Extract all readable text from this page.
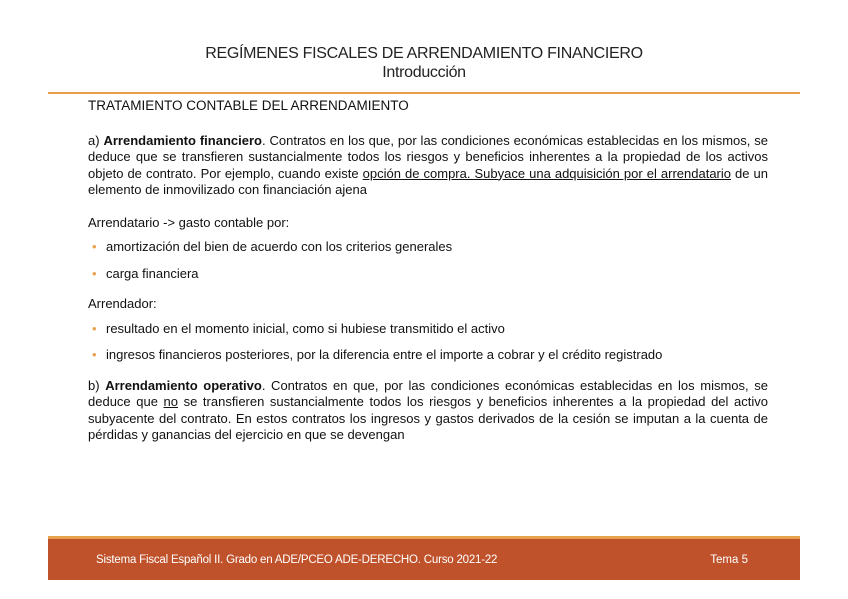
REGÍMENES FISCALES DE ARRENDAMIENTO FINANCIERO
Introducción
TRATAMIENTO CONTABLE DEL ARRENDAMIENTO

a) Arrendamiento financiero. Contratos en los que, por las condiciones económicas establecidas en los mismos, se deduce que se transfieren sustancialmente todos los riesgos y beneficios inherentes a la propiedad de los activos objeto de contrato. Por ejemplo, cuando existe opción de compra. Subyace una adquisición por el arrendatario de un elemento de inmovilizado con financiación ajena

Arrendatario -> gasto contable por:
• amortización del bien de acuerdo con los criterios generales
• carga financiera
Arrendador:
• resultado en el momento inicial, como si hubiese transmitido el activo
• ingresos financieros posteriores, por la diferencia entre el importe a cobrar y el crédito registrado

b) Arrendamiento operativo. Contratos en que, por las condiciones económicas establecidas en los mismos, se deduce que no se transfieren sustancialmente todos los riesgos y beneficios inherentes a la propiedad del activo subyacente del contrato. En estos contratos los ingresos y gastos derivados de la cesión se imputan a la cuenta de pérdidas y ganancias del ejercicio en que se devengan

Sistema Fiscal Español II. Grado en ADE/PCEO ADE-DERECHO. Curso 2021-22	Tema 5
